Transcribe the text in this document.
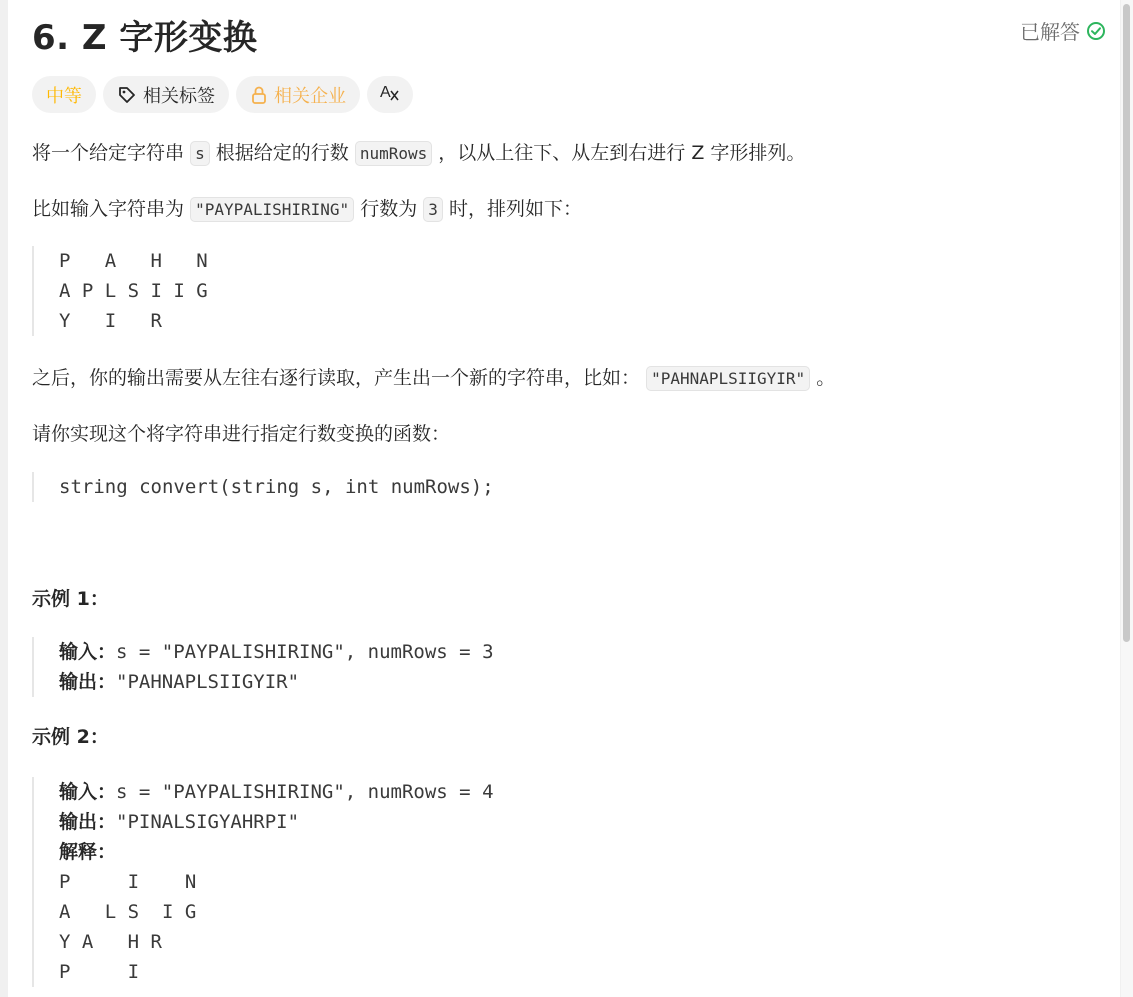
6. Z 字形变换	已解答
中等	相关标签	相关企业 A

将一个给定字符串 s 根据给定的行数 numRows ，以从上往下、从左到右进行 Z 字形排列。

比如输入字符串为 "PAYPALISHIRING" 行数为 3 时，排列如下：

P   A   H   N
A P L S I I G
Y   I   R

之后，你的输出需要从左往右逐行读取，产生出一个新的字符串，比如： "PAHNAPLSIIGYIR" 。

请你实现这个将字符串进行指定行数变换的函数：

string convert(string s, int numRows);

示例 1：

输入：s = "PAYPALISHIRING", numRows = 3
输出："PAHNAPLSIIGYIR"

示例 2：

输入：s = "PAYPALISHIRING", numRows = 4
输出："PINALSIGYAHRPI"
解释：
P     I    N
A   L S  I G
Y A   H R
P     I
